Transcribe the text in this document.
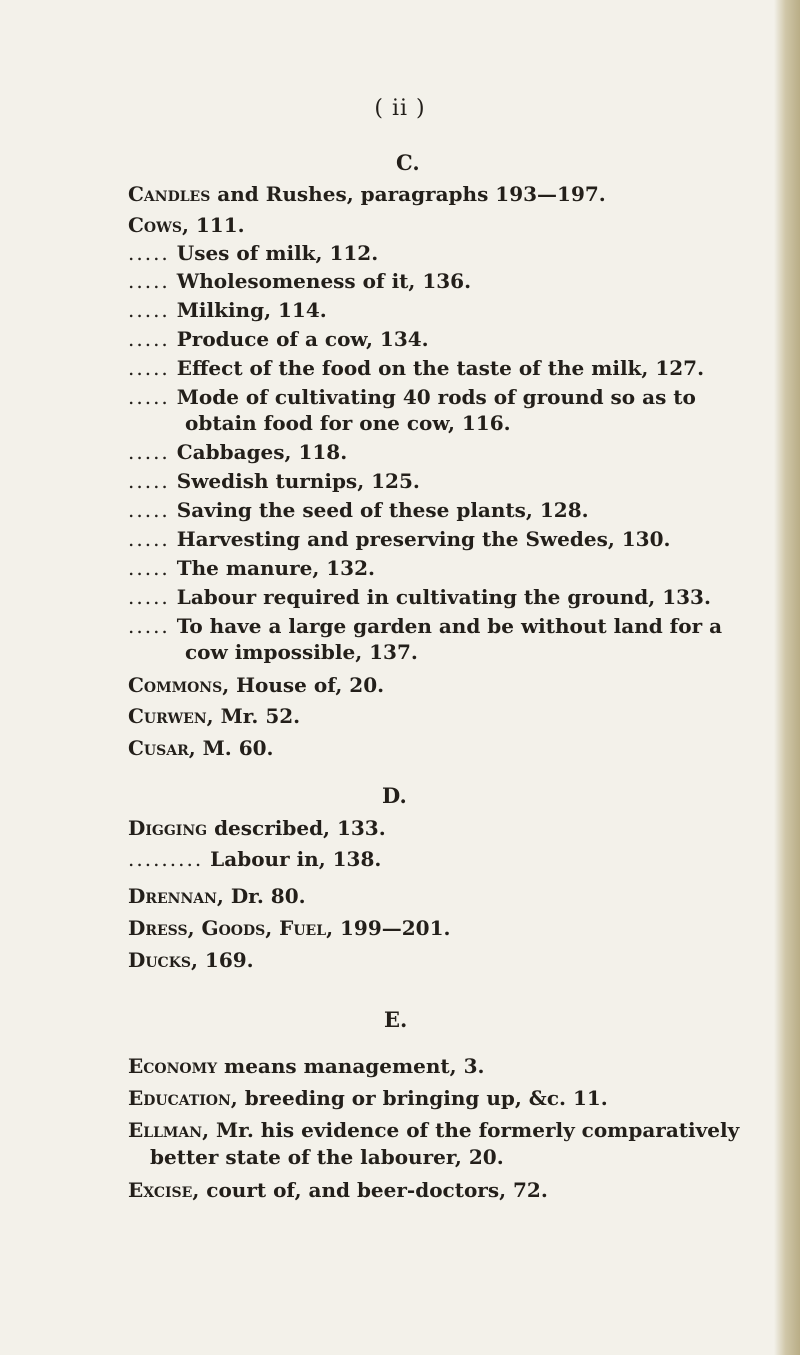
( ii )
C.
Candles and Rushes, paragraphs 193—197.
Cows, 111.
..... Uses of milk, 112.
..... Wholesomeness of it, 136.
..... Milking, 114.
..... Produce of a cow, 134.
..... Effect of the food on the taste of the milk, 127.
..... Mode of cultivating 40 rods of ground so as to
obtain food for one cow, 116.
..... Cabbages, 118.
..... Swedish turnips, 125.
..... Saving the seed of these plants, 128.
..... Harvesting and preserving the Swedes, 130.
..... The manure, 132.
..... Labour required in cultivating the ground, 133.
..... To have a large garden and be without land for a
cow impossible, 137.
Commons, House of, 20.
Curwen, Mr. 52.
Cusar, M. 60.
D.
Digging described, 133.
......... Labour in, 138.
Drennan, Dr. 80.
Dress, Goods, Fuel, 199—201.
Ducks, 169.
E.
Economy means management, 3.
Education, breeding or bringing up, &c. 11.
Ellman, Mr. his evidence of the formerly comparatively
better state of the labourer, 20.
Excise, court of, and beer-doctors, 72.
